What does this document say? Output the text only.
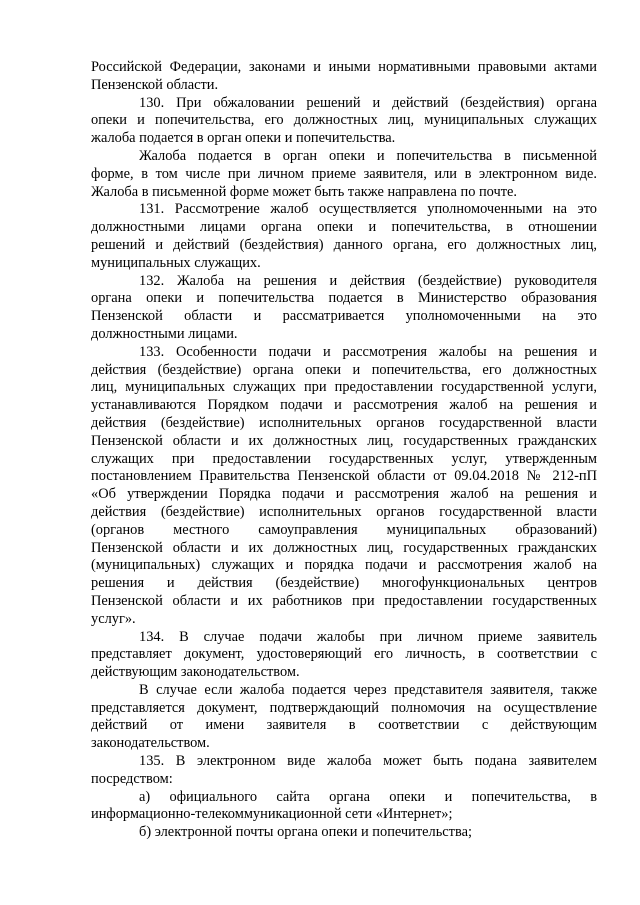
Российской Федерации, законами и иными нормативными правовыми актами
Пензенской области.
130. При обжаловании решений и действий (бездействия) органа
опеки и попечительства, его должностных лиц, муниципальных служащих
жалоба подается в орган опеки и попечительства.
Жалоба подается в орган опеки и попечительства в письменной
форме, в том числе при личном приеме заявителя, или в электронном виде.
Жалоба в письменной форме может быть также направлена по почте.
131. Рассмотрение жалоб осуществляется уполномоченными на это
должностными лицами органа опеки и попечительства, в отношении
решений и действий (бездействия) данного органа, его должностных лиц,
муниципальных служащих.
132. Жалоба на решения и действия (бездействие) руководителя
органа опеки и попечительства подается в Министерство образования
Пензенской области и рассматривается уполномоченными на это
должностными лицами.
133. Особенности подачи и рассмотрения жалобы на решения и
действия (бездействие) органа опеки и попечительства, его должностных
лиц, муниципальных служащих при предоставлении государственной услуги,
устанавливаются Порядком подачи и рассмотрения жалоб на решения и
действия (бездействие) исполнительных органов государственной власти
Пензенской области и их должностных лиц, государственных гражданских
служащих при предоставлении государственных услуг, утвержденным
постановлением Правительства Пензенской области от 09.04.2018 № 212-пП
«Об утверждении Порядка подачи и рассмотрения жалоб на решения и
действия (бездействие) исполнительных органов государственной власти
(органов местного самоуправления муниципальных образований)
Пензенской области и их должностных лиц, государственных гражданских
(муниципальных) служащих и порядка подачи и рассмотрения жалоб на
решения и действия (бездействие) многофункциональных центров
Пензенской области и их работников при предоставлении государственных
услуг».
134. В случае подачи жалобы при личном приеме заявитель
представляет документ, удостоверяющий его личность, в соответствии с
действующим законодательством.
В случае если жалоба подается через представителя заявителя, также
представляется документ, подтверждающий полномочия на осуществление
действий от имени заявителя в соответствии с действующим
законодательством.
135. В электронном виде жалоба может быть подана заявителем
посредством:
а) официального сайта органа опеки и попечительства, в
информационно-телекоммуникационной сети «Интернет»;
б) электронной почты органа опеки и попечительства;
